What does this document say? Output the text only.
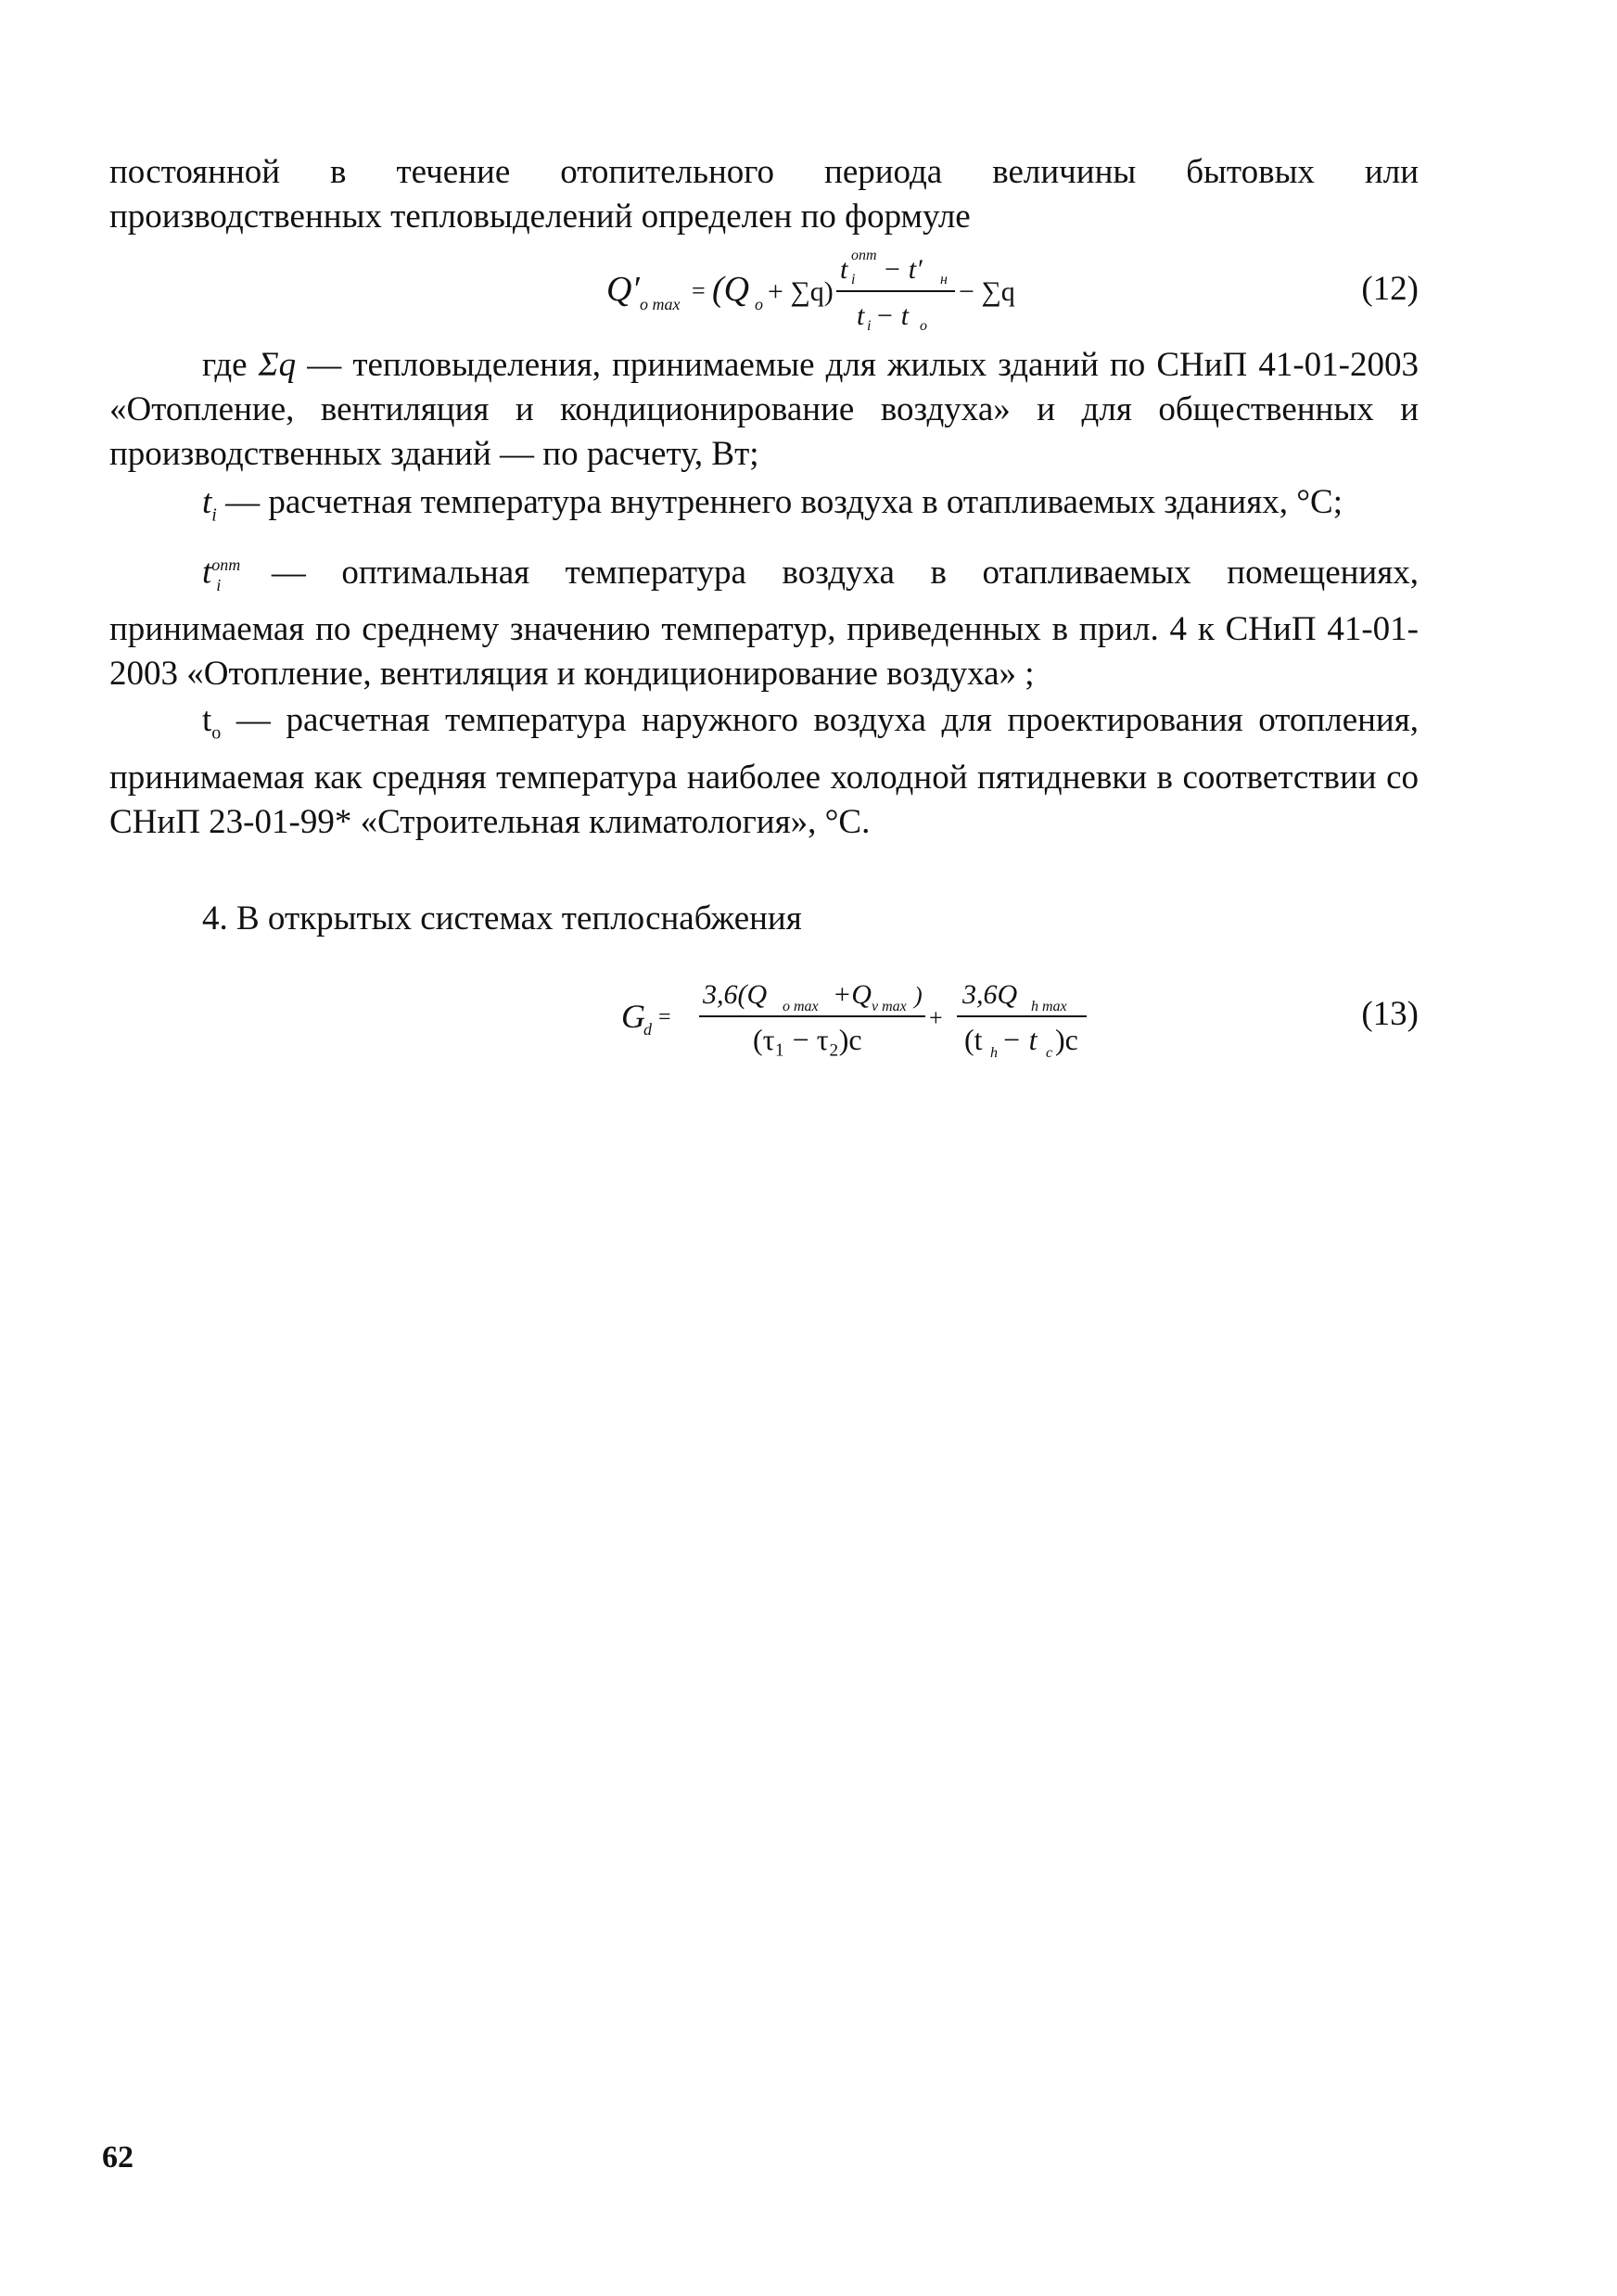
постоянной в течение отопительного периода величины бытовых или

производственных тепловыделений определен по формуле

Q′ o max = (Q o + ∑q)
t i
опт − t′ н
t i − t o
− ∑q	(12)

где Σq — тепловыделения, принимаемые для жилых зданий по СНиП 41-01-2003 «Отопление, вентиляция и кондиционирование воздуха» и для общественных и производственных зданий — по расчету, Вт;

$t_i$ — расчетная температура внутреннего воздуха в отапливаемых зданиях, °С;

$t^{опт}_i$ — оптимальная температура воздуха в отапливаемых помещениях, принимаемая по среднему значению температур, приведенных в прил. 4 к СНиП 41-01-2003 «Отопление, вентиляция и кондиционирование воздуха» ;

$t_o$ — расчетная температура наружного воздуха для проектирования отопления, принимаемая как средняя температура наиболее холодной пятидневки в соответствии со СНиП 23-01-99* «Строительная климатология», °С.

4. В открытых системах теплоснабжения

G
d =
3,6(Q o max +Q v max )
(τ₁ − τ₂)c
+
3,6Q h max
(t h − t c )c
(13)
62
